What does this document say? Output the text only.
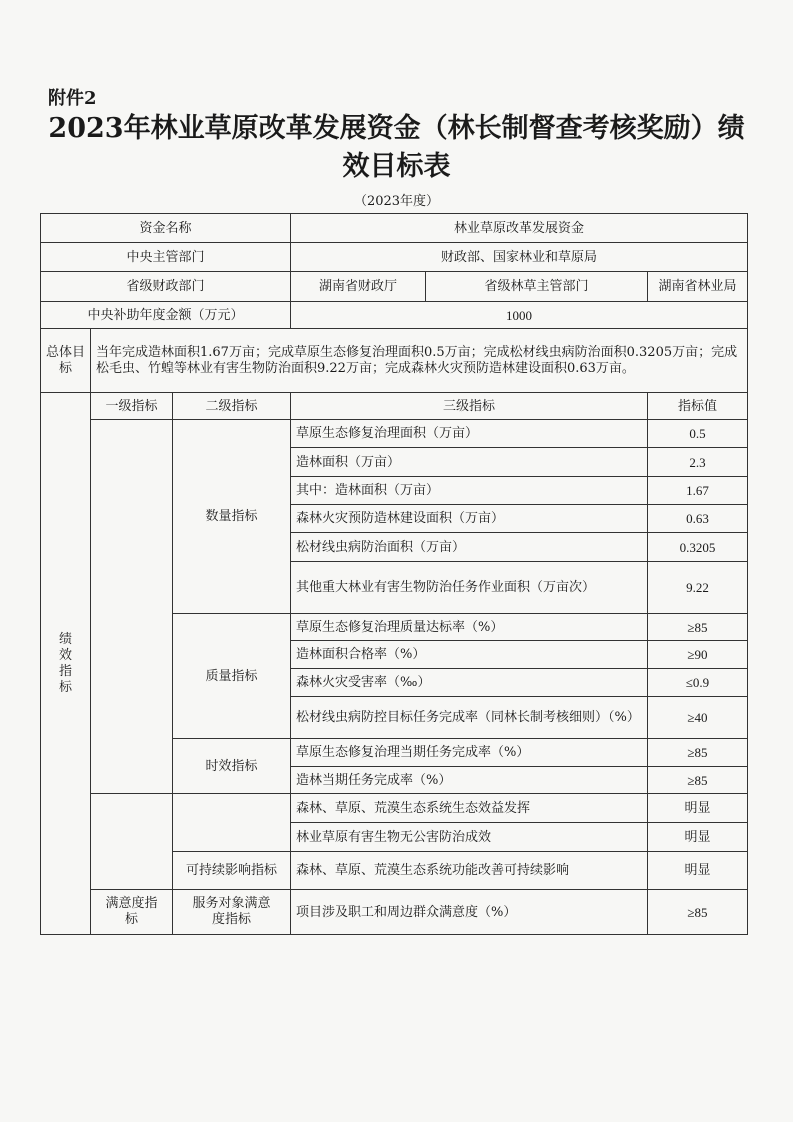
附件2
2023年林业草原改革发展资金（林长制督查考核奖励）绩效目标表
（2023年度）
资金名称			林业草原改革发展资金		
中央主管部门			财政部、国家林业和草原局		
省级财政部门			湖南省财政厅	省级林草主管部门	湖南省林业局
中央补助年度金额（万元）			1000		
总体目标	当年完成造林面积1.67万亩；完成草原生态修复治理面积0.5万亩；完成松材线虫病防治面积0.3205万亩；完成松毛虫、竹蝗等林业有害生物防治面积9.22万亩；完成森林火灾预防造林建设面积0.63万亩。				
绩效指标	一级指标	二级指标	三级指标		指标值
		数量指标	草原生态修复治理面积（万亩）		0.5
			造林面积（万亩）		2.3
			其中：造林面积（万亩）		1.67
			森林火灾预防造林建设面积（万亩）		0.63
			松材线虫病防治面积（万亩）		0.3205
			其他重大林业有害生物防治任务作业面积（万亩次）		9.22
		质量指标	草原生态修复治理质量达标率（%）		≥85
			造林面积合格率（%）		≥90
			森林火灾受害率（‰）		≤0.9
			松材线虫病防控目标任务完成率（同林长制考核细则）（%）		≥40
		时效指标	草原生态修复治理当期任务完成率（%）		≥85
			造林当期任务完成率（%）		≥85
			森林、草原、荒漠生态系统生态效益发挥		明显
			林业草原有害生物无公害防治成效		明显
		可持续影响指标	森林、草原、荒漠生态系统功能改善可持续影响		明显
	满意度指标	服务对象满意度指标	项目涉及职工和周边群众满意度（%）		≥85
